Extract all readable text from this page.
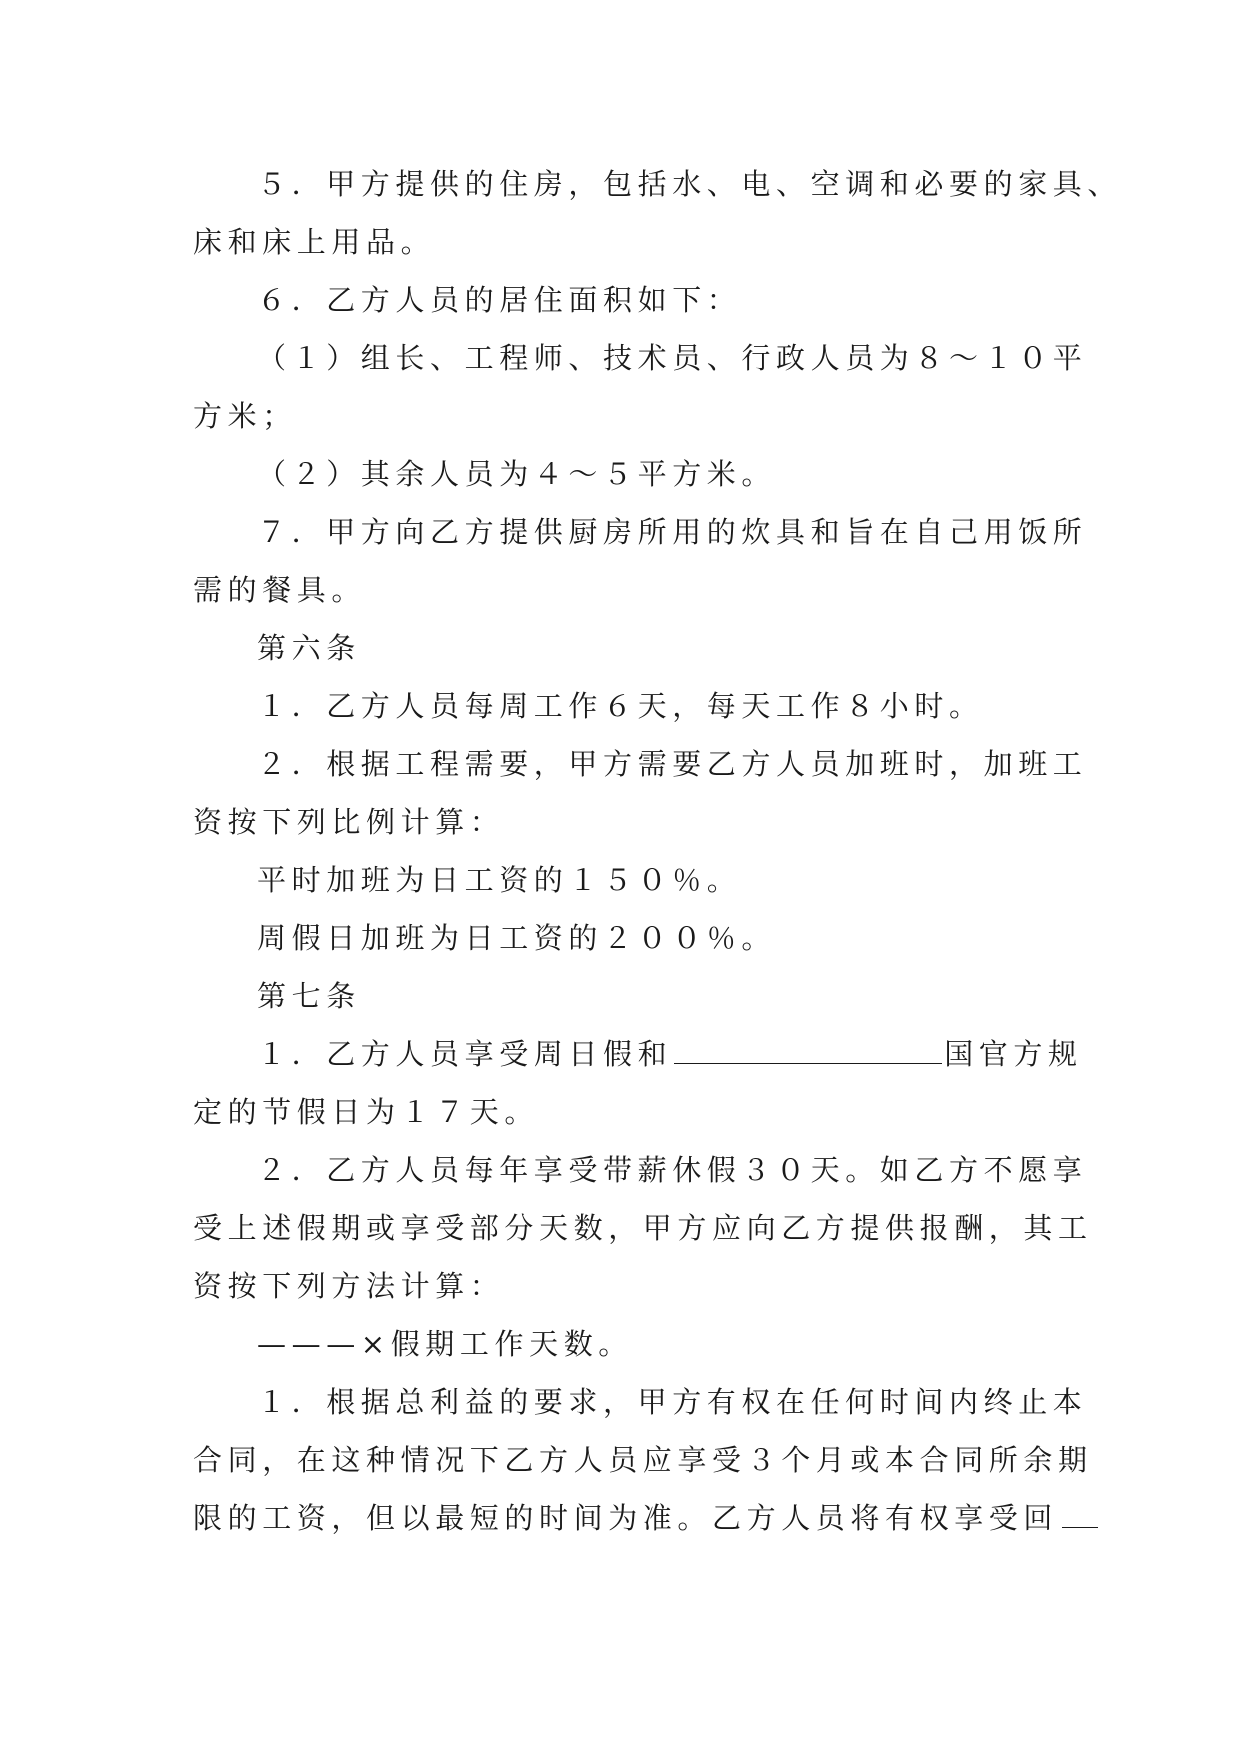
５．甲方提供的住房，包括水、电、空调和必要的家具、
床和床上用品。
６．乙方人员的居住面积如下：
（１）组长、工程师、技术员、行政人员为８～１０平
方米；
（２）其余人员为４～５平方米。
７．甲方向乙方提供厨房所用的炊具和旨在自己用饭所
需的餐具。
第六条
１．乙方人员每周工作６天，每天工作８小时。
２．根据工程需要，甲方需要乙方人员加班时，加班工
资按下列比例计算：
平时加班为日工资的１５０％。
周假日加班为日工资的２００％。
第七条
１．乙方人员享受周日假和	国官方规
定的节假日为１７天。
２．乙方人员每年享受带薪休假３０天。如乙方不愿享
受上述假期或享受部分天数，甲方应向乙方提供报酬，其工
资按下列方法计算：
———×假期工作天数。
１．根据总利益的要求，甲方有权在任何时间内终止本
合同，在这种情况下乙方人员应享受３个月或本合同所余期
限的工资，但以最短的时间为准。乙方人员将有权享受回
